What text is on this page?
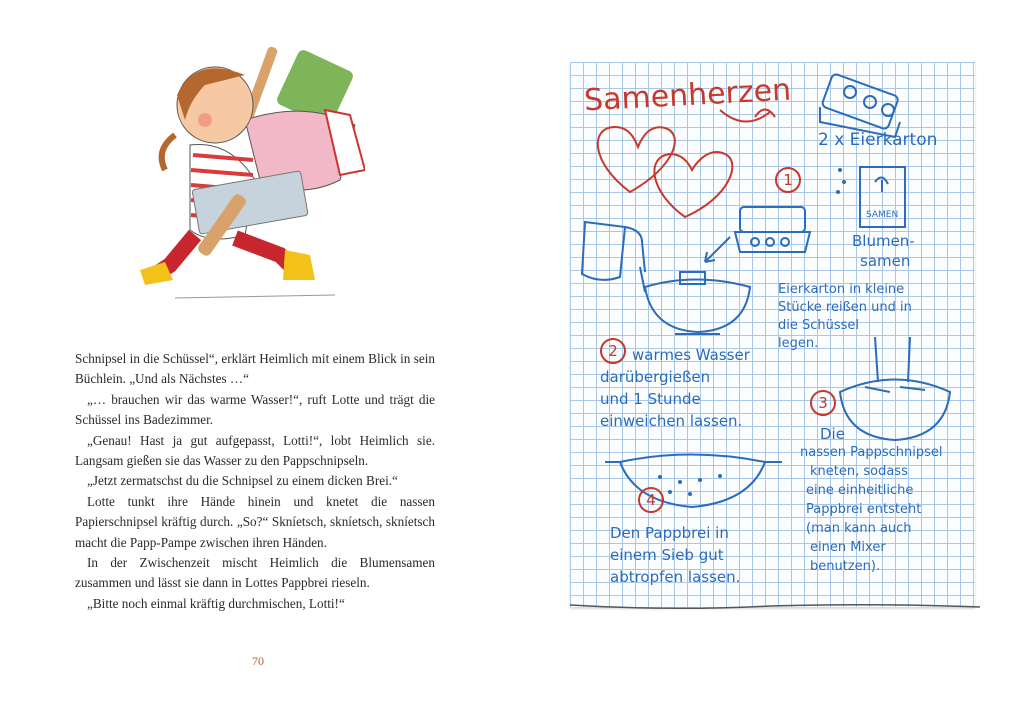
Schnipsel in die Schüssel“, erklärt Heimlich mit einem Blick in sein Büchlein. „Und als Nächstes …“

„… brauchen wir das warme Wasser!“, ruft Lotte und trägt die Schüssel ins Badezimmer.

„Genau! Hast ja gut aufgepasst, Lotti!“, lobt Heimlich sie. Langsam gießen sie das Wasser zu den Pappschnipseln.

„Jetzt zermatschst du die Schnipsel zu einem dicken Brei.“

Lotte tunkt ihre Hände hinein und knetet die nassen Papierschnipsel kräftig durch. „So?“ Skníetsch, skníetsch, skníetsch macht die Papp-Pampe zwischen ihren Händen.

In der Zwischenzeit mischt Heimlich die Blumensamen zusammen und lässt sie dann in Lottes Pappbrei rieseln.

„Bitte noch einmal kräftig durchmischen, Lotti!“

70
Samenherzen
2 x Eierkarton
SAMEN
Blumen-
samen
1
Eierkarton in kleine
Stücke reißen und in
die Schüssel
legen.
2 warmes Wasser
darübergießen
und 1 Stunde
einweichen lassen.
3
Die
nassen Pappschnipsel
kneten, sodass
eine einheitliche
Pappbrei entsteht
(man kann auch
einen Mixer
benutzen).
4
Den Pappbrei in
einem Sieb gut
abtropfen lassen.
